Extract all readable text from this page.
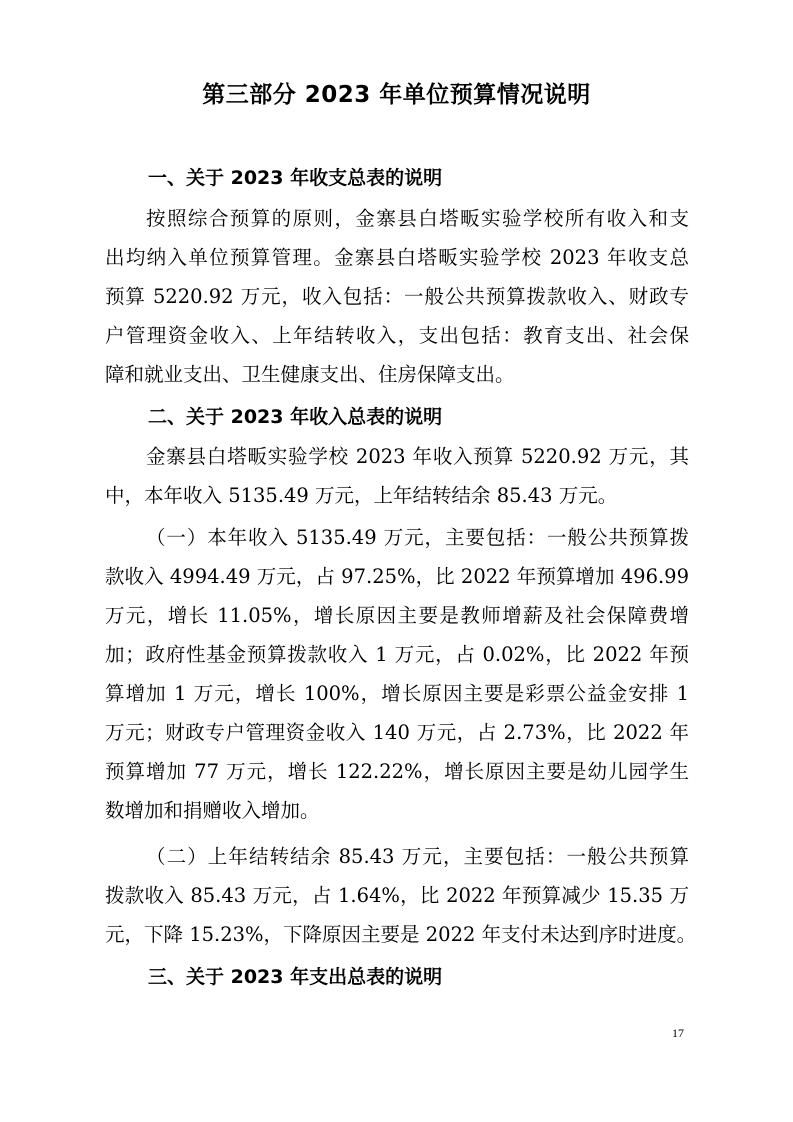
第三部分 2023 年单位预算情况说明
一、关于 2023 年收支总表的说明
按照综合预算的原则，金寨县白塔畈实验学校所有收入和支
出均纳入单位预算管理。金寨县白塔畈实验学校 2023 年收支总
预算 5220.92 万元，收入包括：一般公共预算拨款收入、财政专
户管理资金收入、上年结转收入，支出包括：教育支出、社会保
障和就业支出、卫生健康支出、住房保障支出。
二、关于 2023 年收入总表的说明
金寨县白塔畈实验学校 2023 年收入预算 5220.92 万元，其
中，本年收入 5135.49 万元，上年结转结余 85.43 万元。
（一）本年收入 5135.49 万元，主要包括：一般公共预算拨
款收入 4994.49 万元，占 97.25%，比 2022 年预算增加 496.99
万元，增长 11.05%，增长原因主要是教师增薪及社会保障费增
加；政府性基金预算拨款收入 1 万元，占 0.02%，比 2022 年预
算增加 1 万元，增长 100%，增长原因主要是彩票公益金安排 1
万元；财政专户管理资金收入 140 万元，占 2.73%，比 2022 年
预算增加 77 万元，增长 122.22%，增长原因主要是幼儿园学生
数增加和捐赠收入增加。
（二）上年结转结余 85.43 万元，主要包括：一般公共预算
拨款收入 85.43 万元，占 1.64%，比 2022 年预算减少 15.35 万
元，下降 15.23%，下降原因主要是 2022 年支付未达到序时进度。
三、关于 2023 年支出总表的说明
17
